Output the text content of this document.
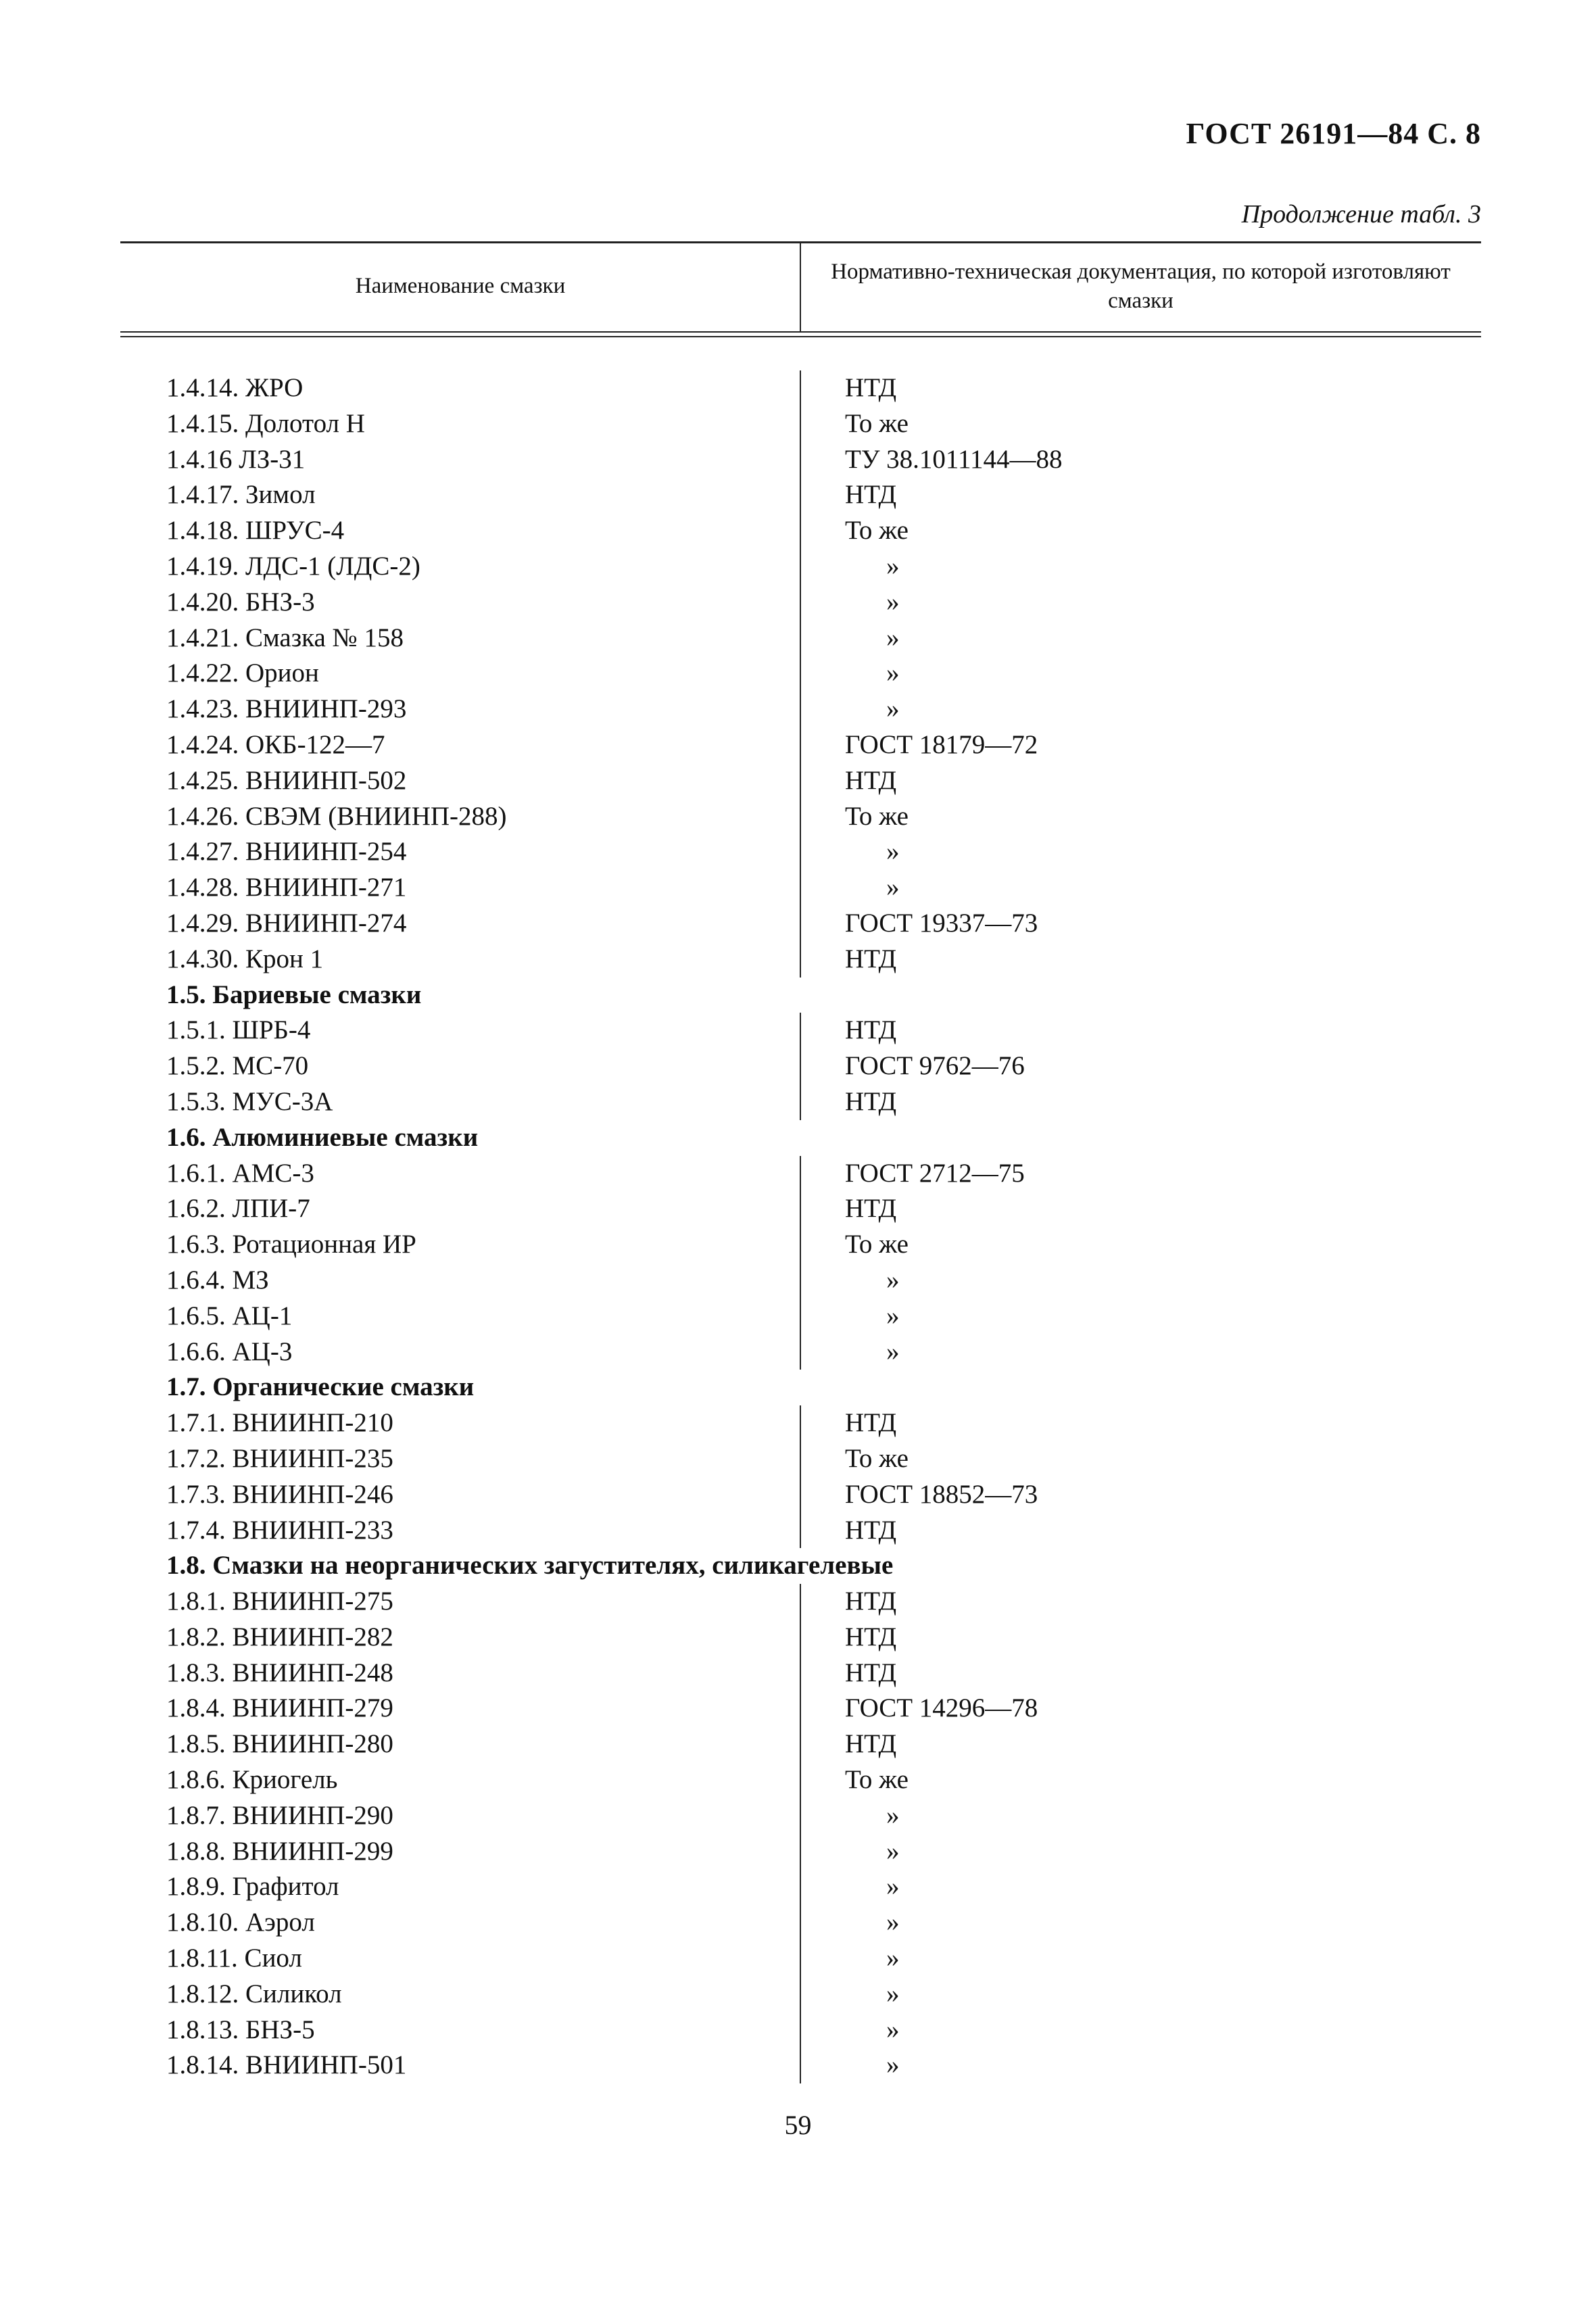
ГОСТ 26191—84 С. 8
Продолжение табл. 3
Наименование смазки
Нормативно-техническая документация, по которой изготовляют смазки
1.4.14. ЖРО	НТД
1.4.15. Долотол Н	То же
1.4.16 ЛЗ-31	ТУ 38.1011144—88
1.4.17. Зимол	НТД
1.4.18. ШРУС-4	То же
1.4.19. ЛДС-1 (ЛДС-2)	»
1.4.20. БНЗ-3	»
1.4.21. Смазка № 158	»
1.4.22. Орион	»
1.4.23. ВНИИНП-293	»
1.4.24. ОКБ-122—7	ГОСТ 18179—72
1.4.25. ВНИИНП-502	НТД
1.4.26. СВЭМ (ВНИИНП-288)	То же
1.4.27. ВНИИНП-254	»
1.4.28. ВНИИНП-271	»
1.4.29. ВНИИНП-274	ГОСТ 19337—73
1.4.30. Крон 1	НТД
1.5. Бариевые смазки
1.5.1. ШРБ-4	НТД
1.5.2. МС-70	ГОСТ 9762—76
1.5.3. МУС-3А	НТД
1.6. Алюминиевые смазки
1.6.1. АМС-3	ГОСТ 2712—75
1.6.2. ЛПИ-7	НТД
1.6.3. Ротационная ИР	То же
1.6.4. МЗ	»
1.6.5. АЦ-1	»
1.6.6. АЦ-3	»
1.7. Органические смазки
1.7.1. ВНИИНП-210	НТД
1.7.2. ВНИИНП-235	То же
1.7.3. ВНИИНП-246	ГОСТ 18852—73
1.7.4. ВНИИНП-233	НТД
1.8. Смазки на неорганических загустителях, силикагелевые
1.8.1. ВНИИНП-275	НТД
1.8.2. ВНИИНП-282	НТД
1.8.3. ВНИИНП-248	НТД
1.8.4. ВНИИНП-279	ГОСТ 14296—78
1.8.5. ВНИИНП-280	НТД
1.8.6. Криогель	То же
1.8.7. ВНИИНП-290	»
1.8.8. ВНИИНП-299	»
1.8.9. Графитол	»
1.8.10. Аэрол	»
1.8.11. Сиол	»
1.8.12. Силикол	»
1.8.13. БНЗ-5	»
1.8.14. ВНИИНП-501	»
59
